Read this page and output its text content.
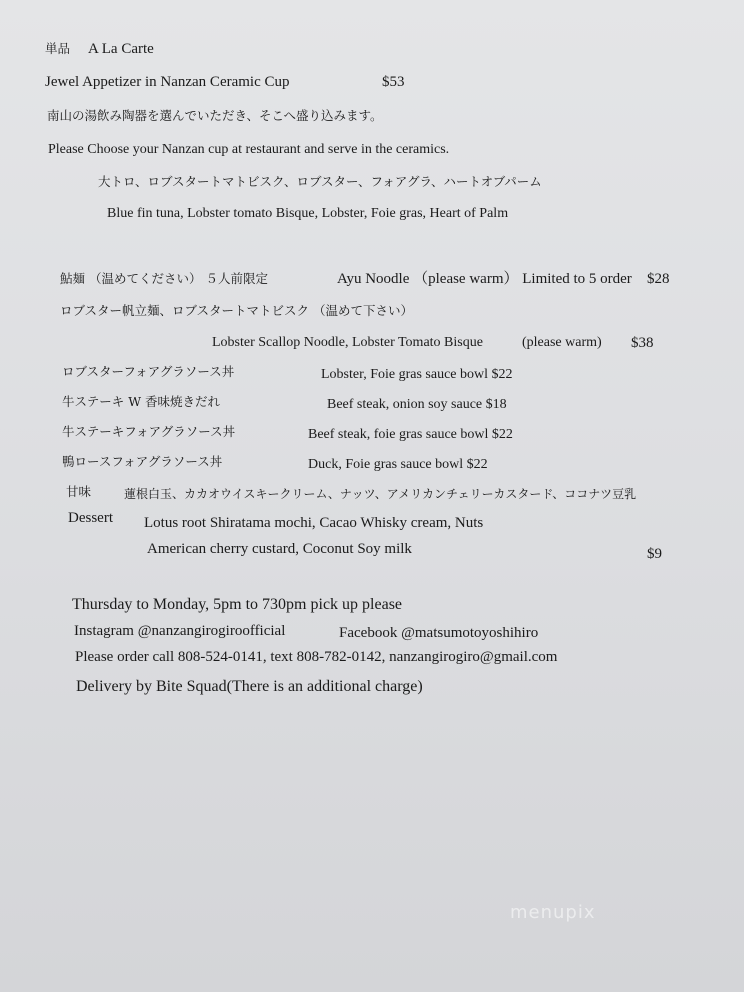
単品 A La Carte
Jewel Appetizer in Nanzan Ceramic Cup	$53
南山の湯飲み陶器を選んでいただき、そこへ盛り込みます。
Please Choose your Nanzan cup at restaurant and serve in the ceramics.
大トロ、ロブスタートマトビスク、ロブスター、フォアグラ、ハートオブパーム
Blue fin tuna, Lobster tomato Bisque, Lobster, Foie gras, Heart of Palm
鮎麺 （温めてください） ５人前限定	Ayu Noodle （please warm） Limited to 5 order $28
ロブスター帆立麺、ロブスタートマトビスク （温めて下さい）
Lobster Scallop Noodle, Lobster Tomato Bisque	(please warm) $38
ロブスターフォアグラソース丼	Lobster, Foie gras sauce bowl $22
牛ステーキ W 香味焼きだれ	Beef steak, onion soy sauce $18
牛ステーキフォアグラソース丼	Beef steak, foie gras sauce bowl $22
鴨ロースフォアグラソース丼	Duck, Foie gras sauce bowl $22
甘味	蓮根白玉、カカオウイスキークリーム、ナッツ、アメリカンチェリーカスタード、ココナツ豆乳
Dessert Lotus root Shiratama mochi, Cacao Whisky cream, Nuts
American cherry custard, Coconut Soy milk	$9
Thursday to Monday, 5pm to 730pm pick up please
Instagram @nanzangirogiroofficial	Facebook @matsumotoyoshihiro
Please order call 808-524-0141, text 808-782-0142, nanzangirogiro@gmail.com
Delivery by Bite Squad(There is an additional charge)
menupix
